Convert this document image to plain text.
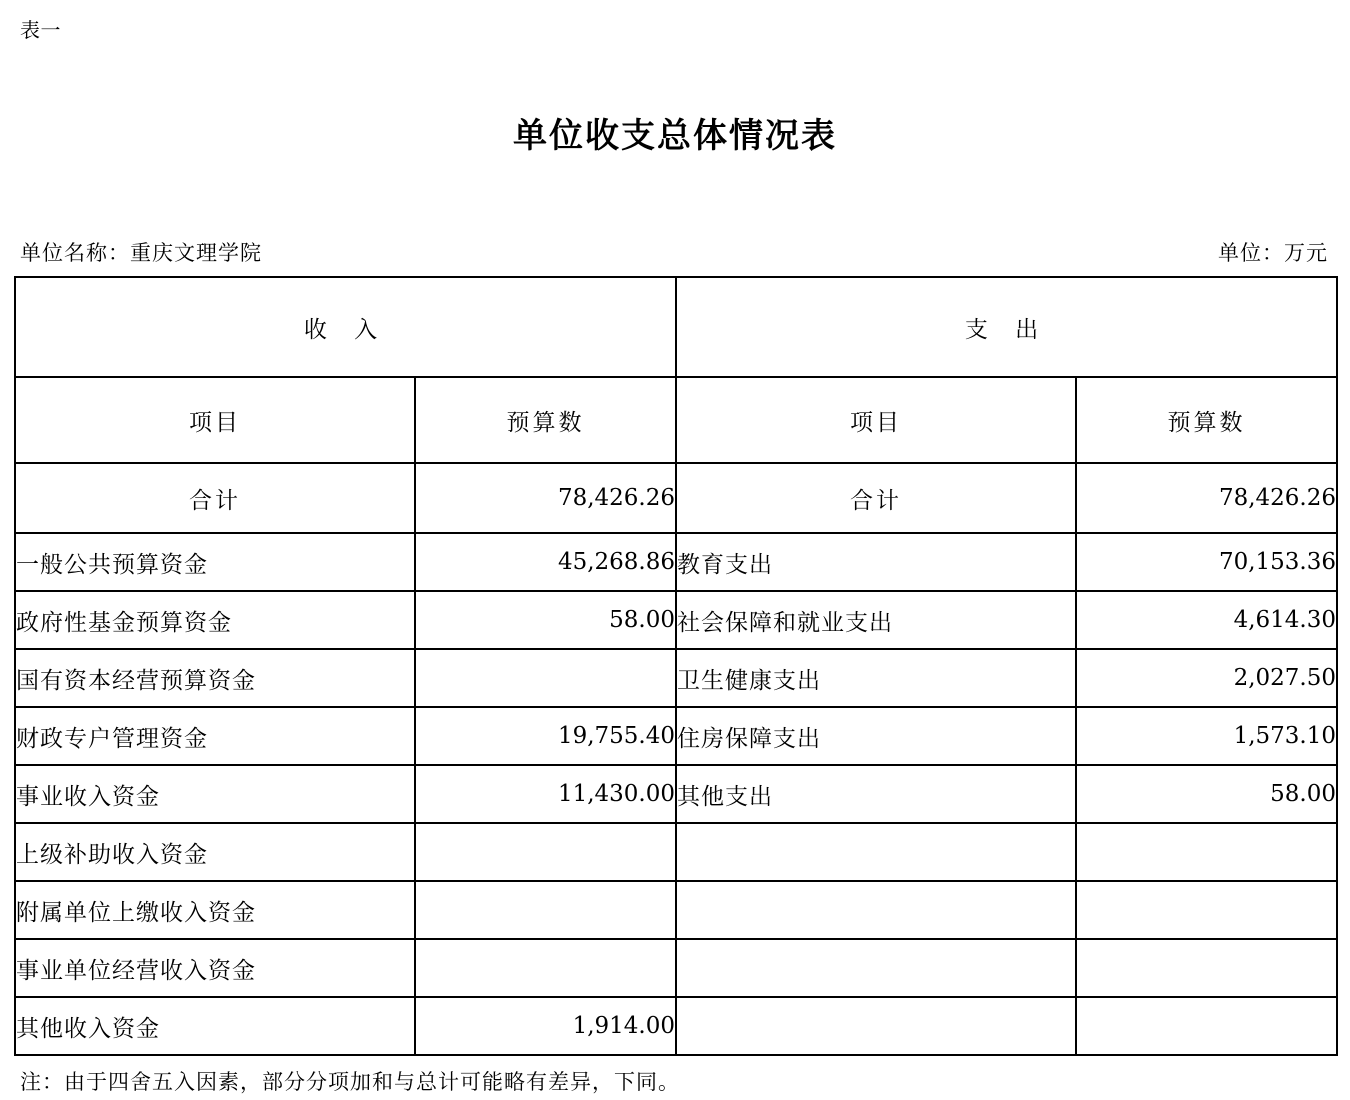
表一
单位收支总体情况表
单位名称：重庆文理学院	单位：万元
收 入		支 出	
项目	预算数	项目	预算数
合计	78,426.26	合计	78,426.26
一般公共预算资金	45,268.86	教育支出	70,153.36
政府性基金预算资金	58.00	社会保障和就业支出	4,614.30
国有资本经营预算资金		卫生健康支出	2,027.50
财政专户管理资金	19,755.40	住房保障支出	1,573.10
事业收入资金	11,430.00	其他支出	58.00
上级补助收入资金			
附属单位上缴收入资金			
事业单位经营收入资金			
其他收入资金	1,914.00		
注：由于四舍五入因素，部分分项加和与总计可能略有差异，下同。
